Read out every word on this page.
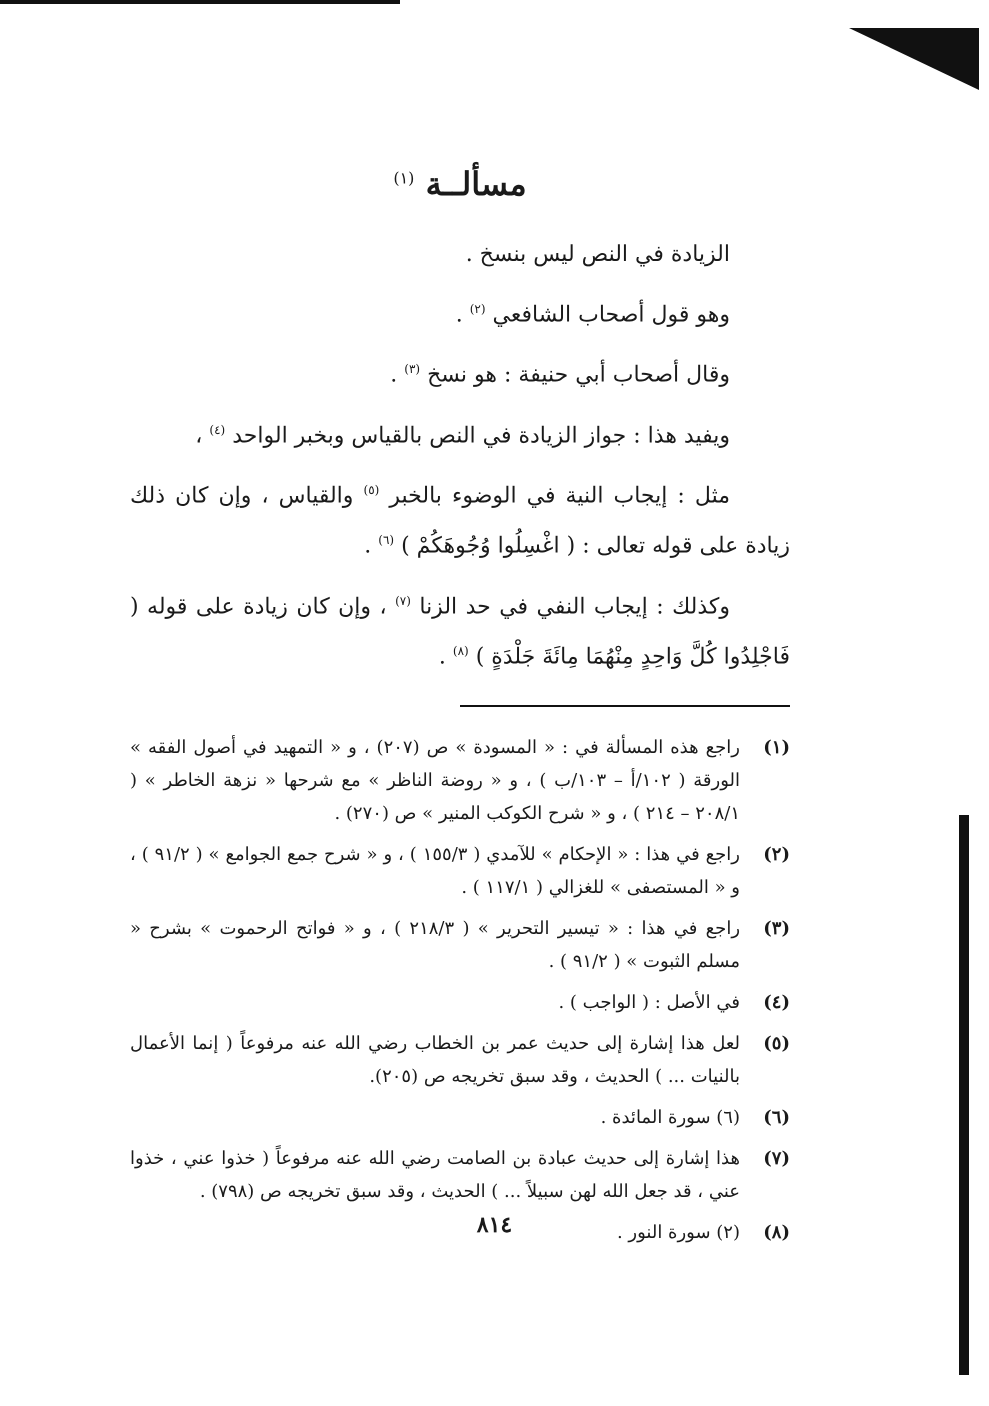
مسألــة $^{(١)}$

الزيادة في النص ليس بنسخ .

وهو قول أصحاب الشافعي $^{(٢)}$ .

وقال أصحاب أبي حنيفة : هو نسخ $^{(٣)}$ .

ويفيد هذا : جواز الزيادة في النص بالقياس وبخبر الواحد $^{(٤)}$ ،

مثل : إيجاب النية في الوضوء بالخبر $^{(٥)}$ والقياس ، وإن كان ذلك زيادة على قوله تعالى : ( اغْسِلُوا وُجُوهَكُمْ ) $^{(٦)}$ .

وكذلك : إيجاب النفي في حد الزنا $^{(٧)}$ ، وإن كان زيادة على قوله ( فَاجْلِدُوا كُلَّ وَاحِدٍ مِنْهُمَا مِائَةَ جَلْدَةٍ ) $^{(٨)}$ .

(١)
راجع هذه المسألة في : « المسودة » ص (٢٠٧) ، و « التمهيد في أصول الفقه » الورقة ( ١٠٢/أ – ١٠٣/ب ) ، و « روضة الناظر » مع شرحها « نزهة الخاطر » ( ٢٠٨/١ – ٢١٤ ) ، و « شرح الكوكب المنير » ص (٢٧٠) .
(٢)
راجع في هذا : « الإحكام » للآمدي ( ١٥٥/٣ ) ، و « شرح جمع الجوامع » ( ٩١/٢ ) ، و « المستصفى » للغزالي ( ١١٧/١ ) .
(٣)
راجع في هذا : « تيسير التحرير » ( ٢١٨/٣ ) ، و « فواتح الرحموت » بشرح « مسلم الثبوت » ( ٩١/٢ ) .
(٤)
في الأصل : ( الواجب ) .
(٥)
لعل هذا إشارة إلى حديث عمر بن الخطاب رضي الله عنه مرفوعاً ( إنما الأعمال بالنيات ... ) الحديث ، وقد سبق تخريجه ص (٢٠٥).
(٦)
(٦) سورة المائدة .
(٧)
هذا إشارة إلى حديث عبادة بن الصامت رضي الله عنه مرفوعاً ( خذوا عني ، خذوا عني ، قد جعل الله لهن سبيلاً ... ) الحديث ، وقد سبق تخريجه ص (٧٩٨) .
(٨)
(٢) سورة النور .
٨١٤
